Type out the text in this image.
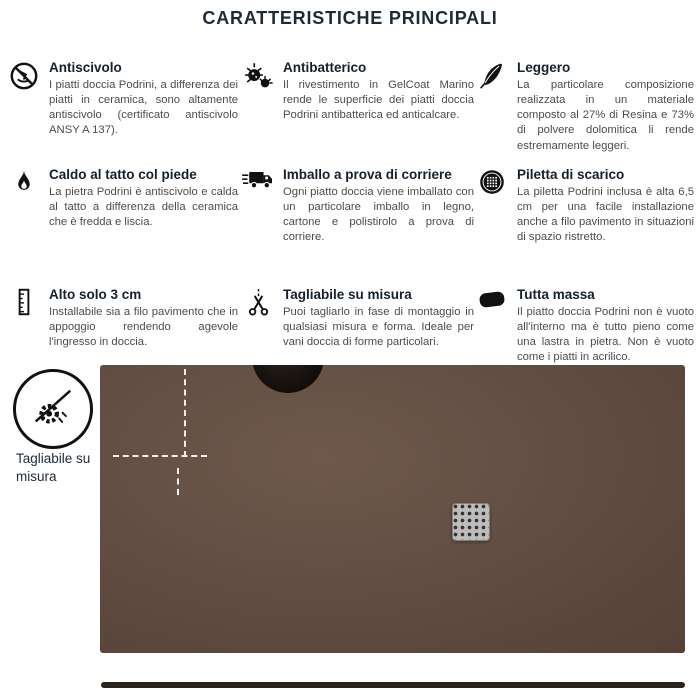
CARATTERISTICHE PRINCIPALI
Antiscivolo
I piatti doccia Podrini, a differenza dei piatti in ceramica, sono altamente antiscivolo (certificato antiscivolo ANSY A 137).
Antibatterico
Il rivestimento in GelCoat Marino rende le superficie dei piatti doccia Podrini antibatterica ed anticalcare.
Leggero
La particolare composizione realizzata in un materiale composto al 27% di Resina e 73% di polvere dolomitica li rende estremamente leggeri.
Caldo al tatto col piede
La pietra Podrini è antiscivolo e calda al tatto a differenza della ceramica che è fredda e liscia.
Imballo a prova di corriere
Ogni piatto doccia viene imballato con un particolare imballo in legno, cartone e polistirolo a prova di corriere.
Piletta di scarico
La piletta Podrini inclusa è alta 6,5 cm per una facile installazione anche a filo pavimento in situazioni di spazio ristretto.
Alto solo 3 cm
Installabile sia a filo pavimento che in appoggio rendendo agevole l'ingresso in doccia.
Tagliabile su misura
Puoi tagliarlo in fase di montaggio in qualsiasi misura e forma. Ideale per vani doccia di forme particolari.
Tutta massa
Il piatto doccia Podrini non è vuoto all'interno ma è tutto pieno come una lastra in pietra. Non è vuoto come i piatti in acrilico.
Tagliabile su misura
